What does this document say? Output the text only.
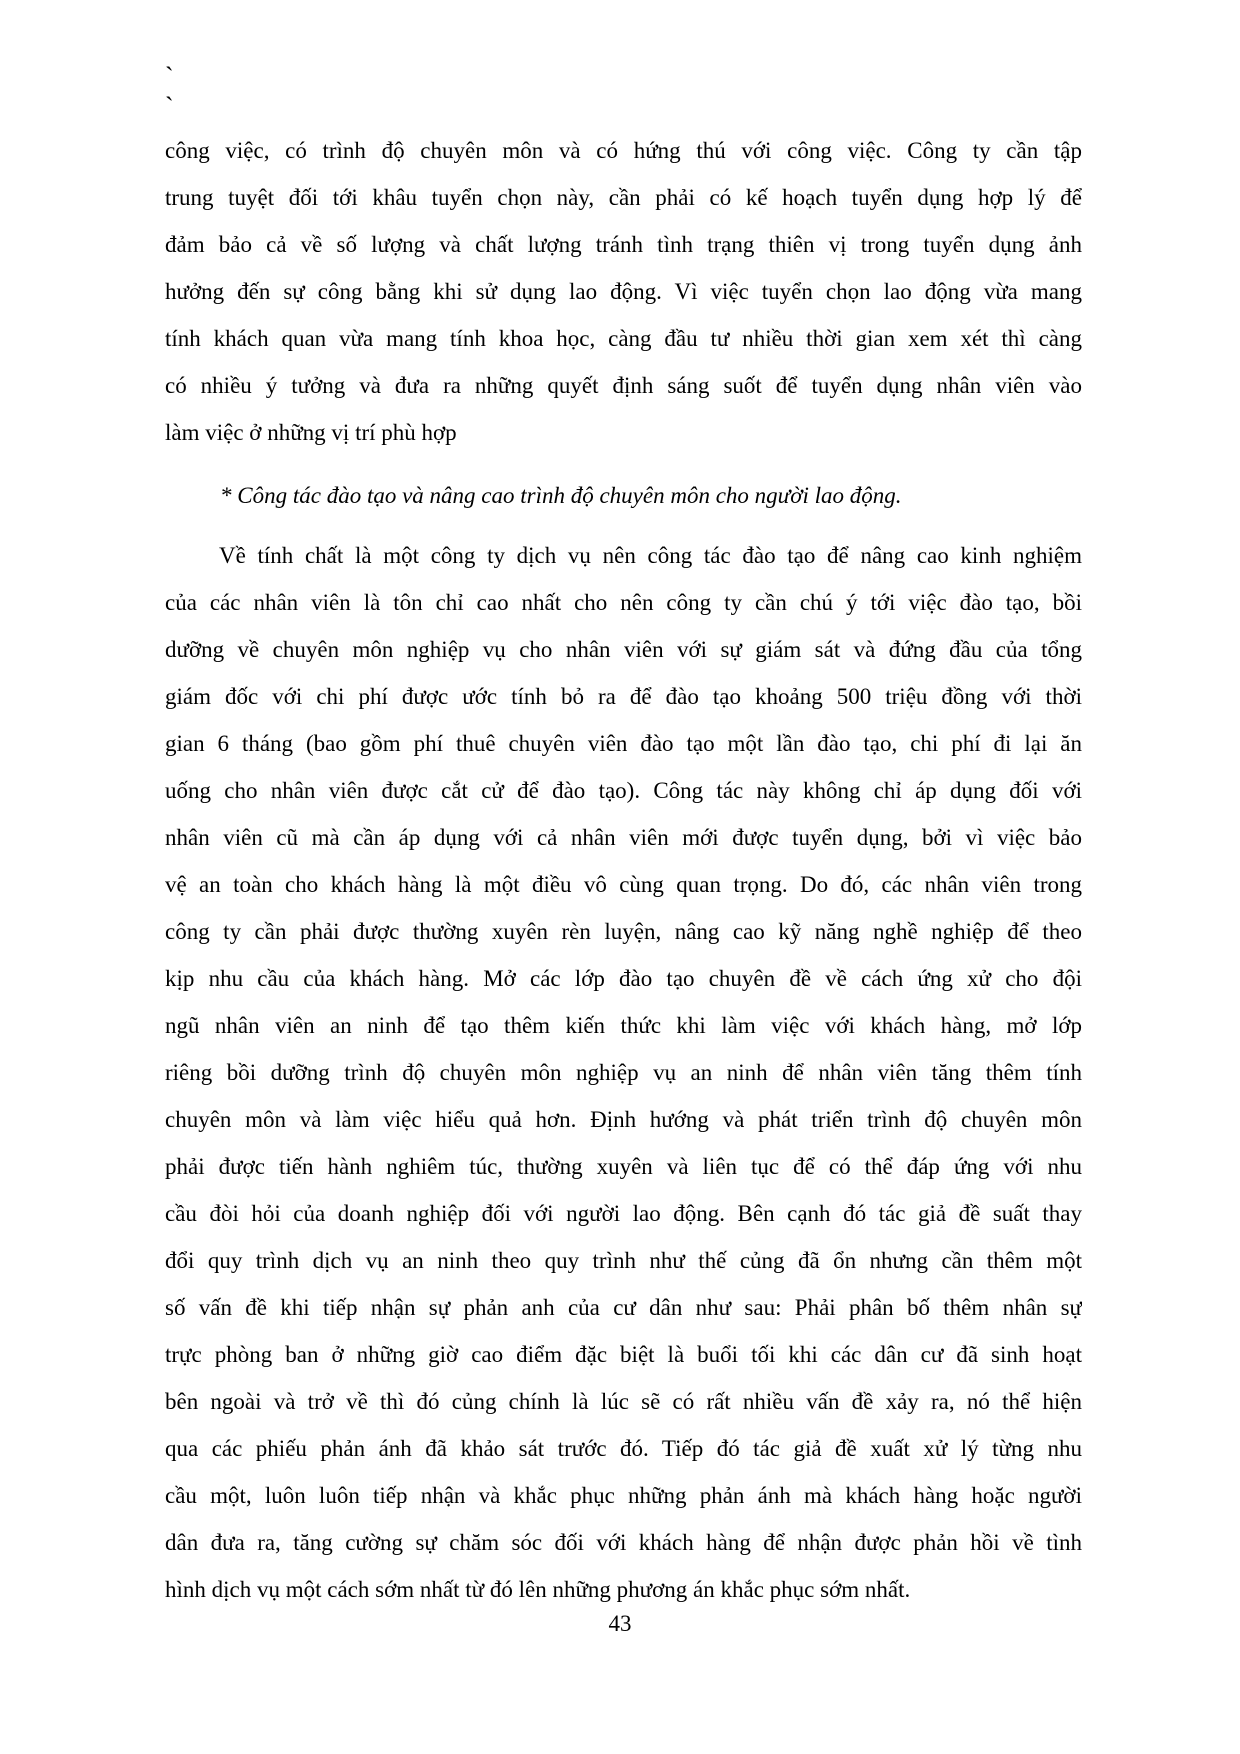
`
`
công việc, có trình độ chuyên môn và có hứng thú với công việc. Công ty cần tập
trung tuyệt đối tới khâu tuyển chọn này, cần phải có kế hoạch tuyển dụng hợp lý để
đảm bảo cả về số lượng và chất lượng tránh tình trạng thiên vị trong tuyển dụng ảnh
hưởng đến sự công bằng khi sử dụng lao động. Vì việc tuyển chọn lao động vừa mang
tính khách quan vừa mang tính khoa học, càng đầu tư nhiều thời gian xem xét thì càng
có nhiều ý tưởng và đưa ra những quyết định sáng suốt để tuyển dụng nhân viên vào
làm việc ở những vị trí phù hợp
* Công tác đào tạo và nâng cao trình độ chuyên môn cho người lao động.
Về tính chất là một công ty dịch vụ nên công tác đào tạo để nâng cao kinh nghiệm
của các nhân viên là tôn chỉ cao nhất cho nên công ty cần chú ý tới việc đào tạo, bồi
dưỡng về chuyên môn nghiệp vụ cho nhân viên với sự giám sát và đứng đầu của tổng
giám đốc với chi phí được ước tính bỏ ra để đào tạo khoảng 500 triệu đồng với thời
gian 6 tháng (bao gồm phí thuê chuyên viên đào tạo một lần đào tạo, chi phí đi lại ăn
uống cho nhân viên được cắt cử để đào tạo). Công tác này không chỉ áp dụng đối với
nhân viên cũ mà cần áp dụng với cả nhân viên mới được tuyển dụng, bởi vì việc bảo
vệ an toàn cho khách hàng là một điều vô cùng quan trọng. Do đó, các nhân viên trong
công ty cần phải được thường xuyên rèn luyện, nâng cao kỹ năng nghề nghiệp để theo
kịp nhu cầu của khách hàng. Mở các lớp đào tạo chuyên đề về cách ứng xử cho đội
ngũ nhân viên an ninh để tạo thêm kiến thức khi làm việc với khách hàng, mở lớp
riêng bồi dưỡng trình độ chuyên môn nghiệp vụ an ninh để nhân viên tăng thêm tính
chuyên môn và làm việc hiểu quả hơn. Định hướng và phát triển trình độ chuyên môn
phải được tiến hành nghiêm túc, thường xuyên và liên tục để có thể đáp ứng với nhu
cầu đòi hỏi của doanh nghiệp đối với người lao động. Bên cạnh đó tác giả đề suất thay
đổi quy trình dịch vụ an ninh theo quy trình như thế củng đã ổn nhưng cần thêm một
số vấn đề khi tiếp nhận sự phản anh của cư dân như sau: Phải phân bố thêm nhân sự
trực phòng ban ở những giờ cao điểm đặc biệt là buổi tối khi các dân cư đã sinh hoạt
bên ngoài và trở về thì đó củng chính là lúc sẽ có rất nhiều vấn đề xảy ra, nó thể hiện
qua các phiếu phản ánh đã khảo sát trước đó. Tiếp đó tác giả đề xuất xử lý từng nhu
cầu một, luôn luôn tiếp nhận và khắc phục những phản ánh mà khách hàng hoặc người
dân đưa ra, tăng cường sự chăm sóc đối với khách hàng để nhận được phản hồi về tình
hình dịch vụ một cách sớm nhất từ đó lên những phương án khắc phục sớm nhất.
43
